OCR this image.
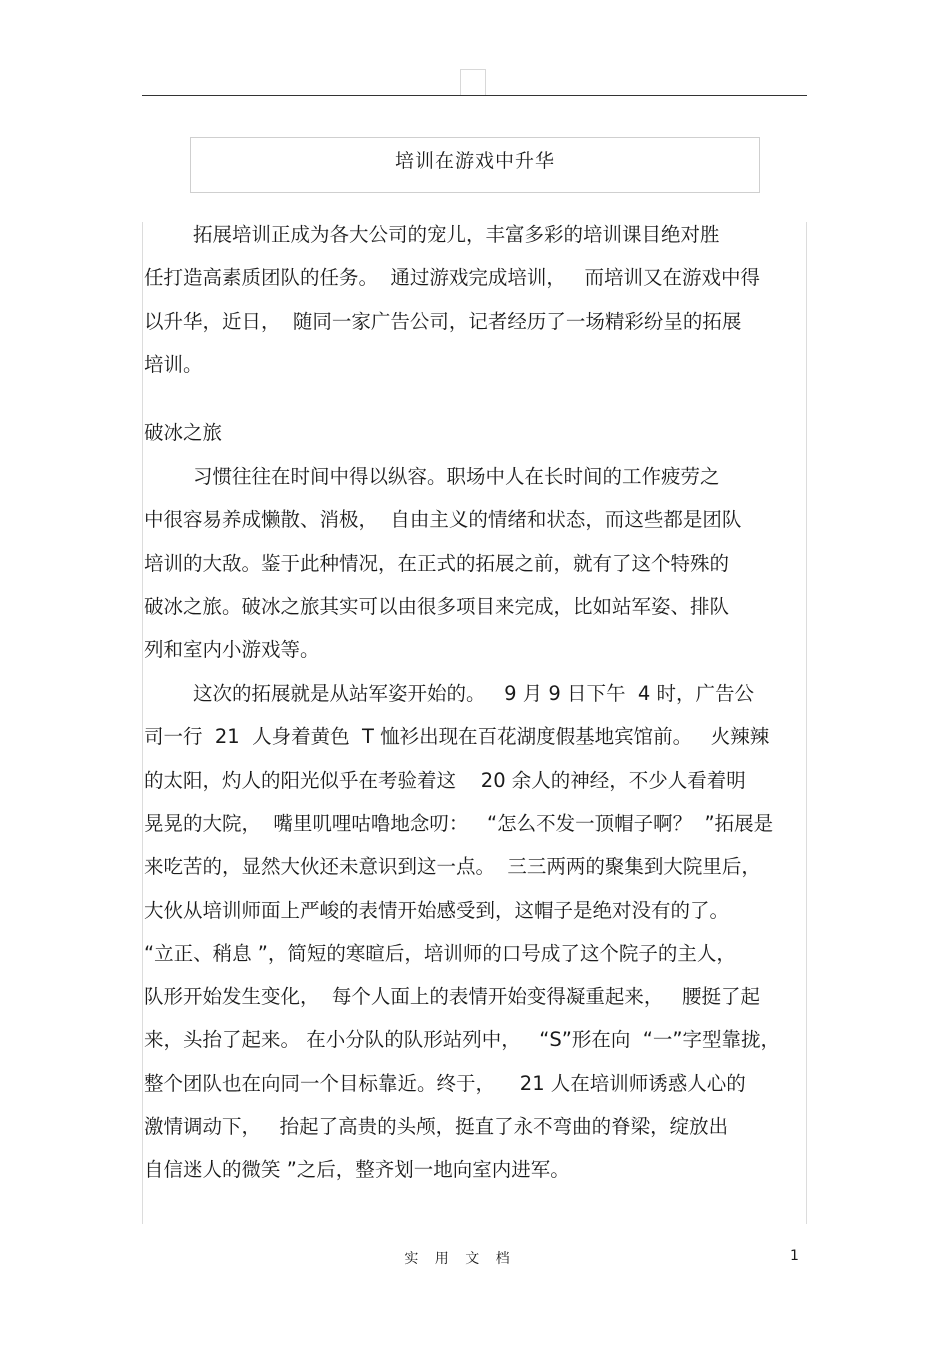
培训在游戏中升华
拓展培训正成为各大公司的宠儿，丰富多彩的培训课目绝对胜
任打造高素质团队的任务。  通过游戏完成培训，   而培训又在游戏中得
以升华，近日，  随同一家广告公司，记者经历了一场精彩纷呈的拓展
培训。
破冰之旅
习惯往往在时间中得以纵容。职场中人在长时间的工作疲劳之
中很容易养成懒散、消极，  自由主义的情绪和状态，而这些都是团队
培训的大敌。鉴于此种情况，在正式的拓展之前，就有了这个特殊的
破冰之旅。破冰之旅其实可以由很多项目来完成，比如站军姿、排队
列和室内小游戏等。
这次的拓展就是从站军姿开始的。   9 月 9 日下午  4 时，广告公
司一行  21  人身着黄色  T 恤衫出现在百花湖度假基地宾馆前。   火辣辣
的太阳，灼人的阳光似乎在考验着这    20 余人的神经，不少人看着明
晃晃的大院，  嘴里叽哩咕噜地念叨：   “怎么不发一顶帽子啊？  ”拓展是
来吃苦的，显然大伙还未意识到这一点。  三三两两的聚集到大院里后，
大伙从培训师面上严峻的表情开始感受到，这帽子是绝对没有的了。
“立正、稍息 ”，简短的寒暄后，培训师的口号成了这个院子的主人，
队形开始发生变化，  每个人面上的表情开始变得凝重起来，   腰挺了起
来，头抬了起来。 在小分队的队形站列中，   “S”形在向  “一”字型靠拢，
整个团队也在向同一个目标靠近。终于，    21 人在培训师诱惑人心的
激情调动下，   抬起了高贵的头颅，挺直了永不弯曲的脊梁，绽放出
自信迷人的微笑 ”之后，整齐划一地向室内进军。
实 用 文 档	1
